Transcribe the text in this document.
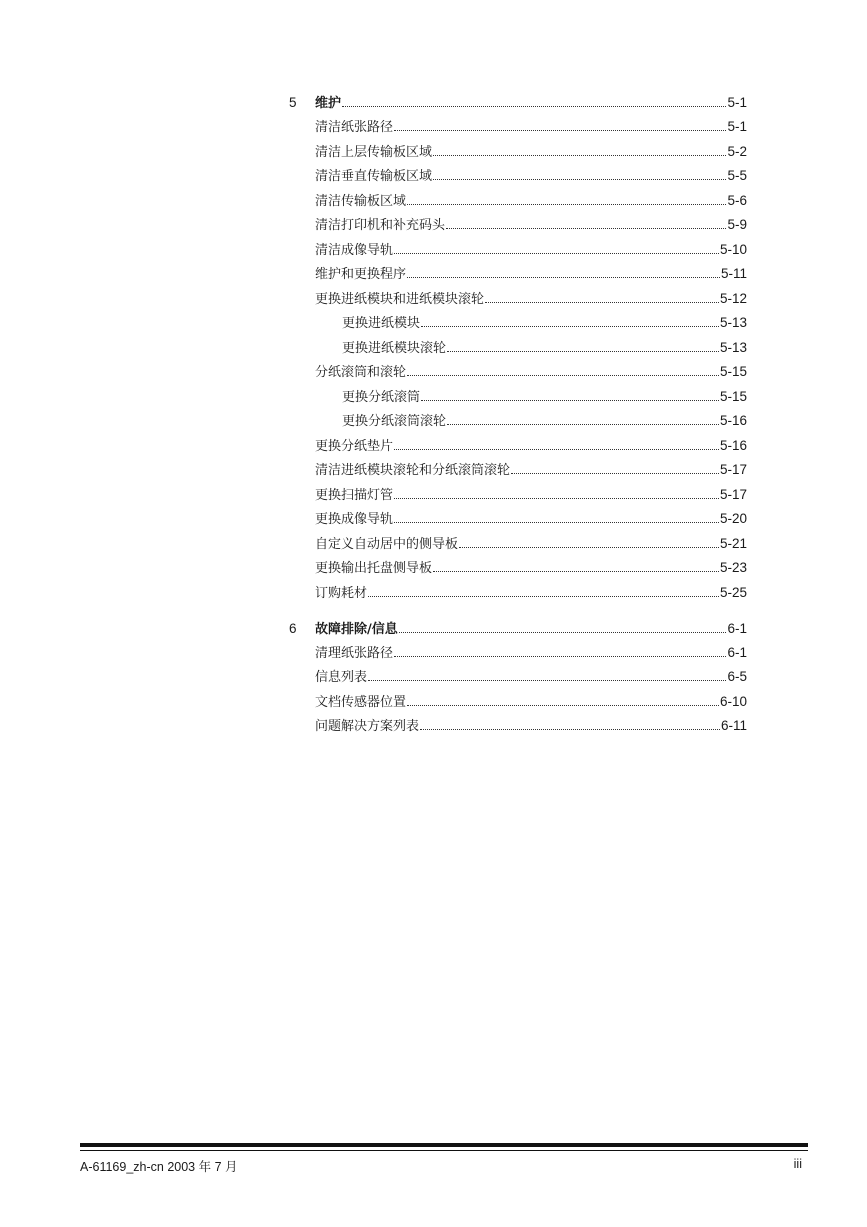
5	维护	5-1
清洁纸张路径	5-1
清洁上层传输板区域	5-2
清洁垂直传输板区域	5-5
清洁传输板区域	5-6
清洁打印机和补充码头	5-9
清洁成像导轨	5-10
维护和更换程序	5-11
更换进纸模块和进纸模块滚轮	5-12
更换进纸模块	5-13
更换进纸模块滚轮	5-13
分纸滚筒和滚轮	5-15
更换分纸滚筒	5-15
更换分纸滚筒滚轮	5-16
更换分纸垫片	5-16
清洁进纸模块滚轮和分纸滚筒滚轮	5-17
更换扫描灯管	5-17
更换成像导轨	5-20
自定义自动居中的侧导板	5-21
更换输出托盘侧导板	5-23
订购耗材	5-25
6	故障排除/信息	6-1
清理纸张路径	6-1
信息列表	6-5
文档传感器位置	6-10
问题解决方案列表	6-11
A-61169_zh-cn 2003 年 7 月	iii
